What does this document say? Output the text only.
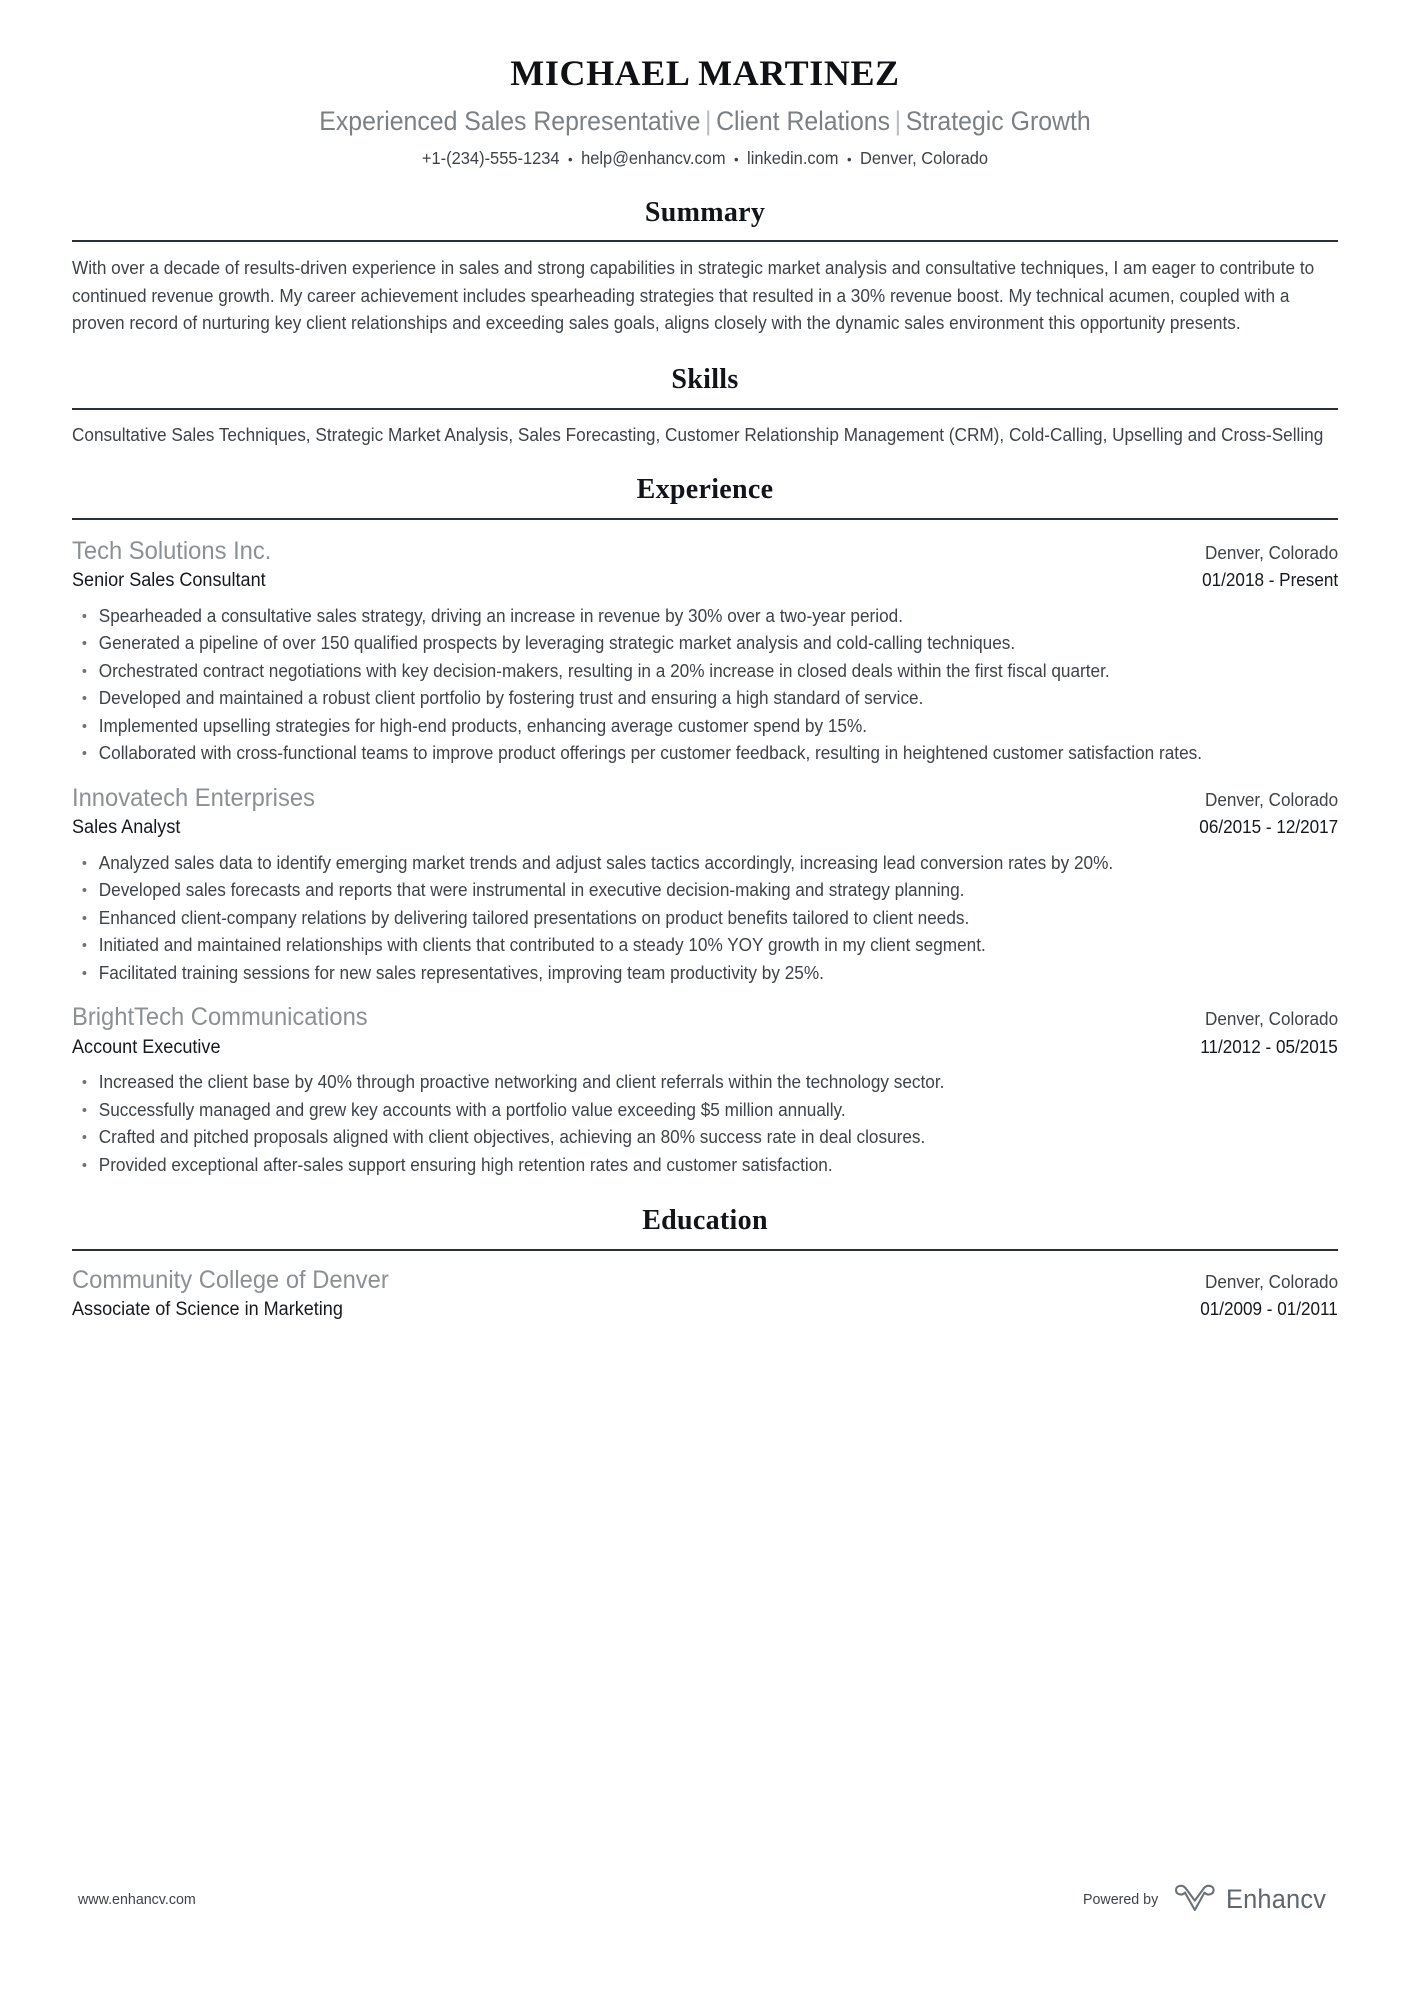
MICHAEL MARTINEZ
Experienced Sales Representative | Client Relations | Strategic Growth
+1-(234)-555-1234 • help@enhancv.com • linkedin.com • Denver, Colorado
Summary
With over a decade of results-driven experience in sales and strong capabilities in strategic market analysis and consultative techniques, I am eager to contribute to continued revenue growth. My career achievement includes spearheading strategies that resulted in a 30% revenue boost. My technical acumen, coupled with a proven record of nurturing key client relationships and exceeding sales goals, aligns closely with the dynamic sales environment this opportunity presents.
Skills
Consultative Sales Techniques, Strategic Market Analysis, Sales Forecasting, Customer Relationship Management (CRM), Cold-Calling, Upselling and Cross-Selling
Experience
Tech Solutions Inc.	Denver, Colorado
Senior Sales Consultant	01/2018 - Present
Spearheaded a consultative sales strategy, driving an increase in revenue by 30% over a two-year period.
Generated a pipeline of over 150 qualified prospects by leveraging strategic market analysis and cold-calling techniques.
Orchestrated contract negotiations with key decision-makers, resulting in a 20% increase in closed deals within the first fiscal quarter.
Developed and maintained a robust client portfolio by fostering trust and ensuring a high standard of service.
Implemented upselling strategies for high-end products, enhancing average customer spend by 15%.
Collaborated with cross-functional teams to improve product offerings per customer feedback, resulting in heightened customer satisfaction rates.
Innovatech Enterprises	Denver, Colorado
Sales Analyst	06/2015 - 12/2017
Analyzed sales data to identify emerging market trends and adjust sales tactics accordingly, increasing lead conversion rates by 20%.
Developed sales forecasts and reports that were instrumental in executive decision-making and strategy planning.
Enhanced client-company relations by delivering tailored presentations on product benefits tailored to client needs.
Initiated and maintained relationships with clients that contributed to a steady 10% YOY growth in my client segment.
Facilitated training sessions for new sales representatives, improving team productivity by 25%.
BrightTech Communications	Denver, Colorado
Account Executive	11/2012 - 05/2015
Increased the client base by 40% through proactive networking and client referrals within the technology sector.
Successfully managed and grew key accounts with a portfolio value exceeding $5 million annually.
Crafted and pitched proposals aligned with client objectives, achieving an 80% success rate in deal closures.
Provided exceptional after-sales support ensuring high retention rates and customer satisfaction.
Education
Community College of Denver	Denver, Colorado
Associate of Science in Marketing	01/2009 - 01/2011
www.enhancv.com	Powered by Enhancv
